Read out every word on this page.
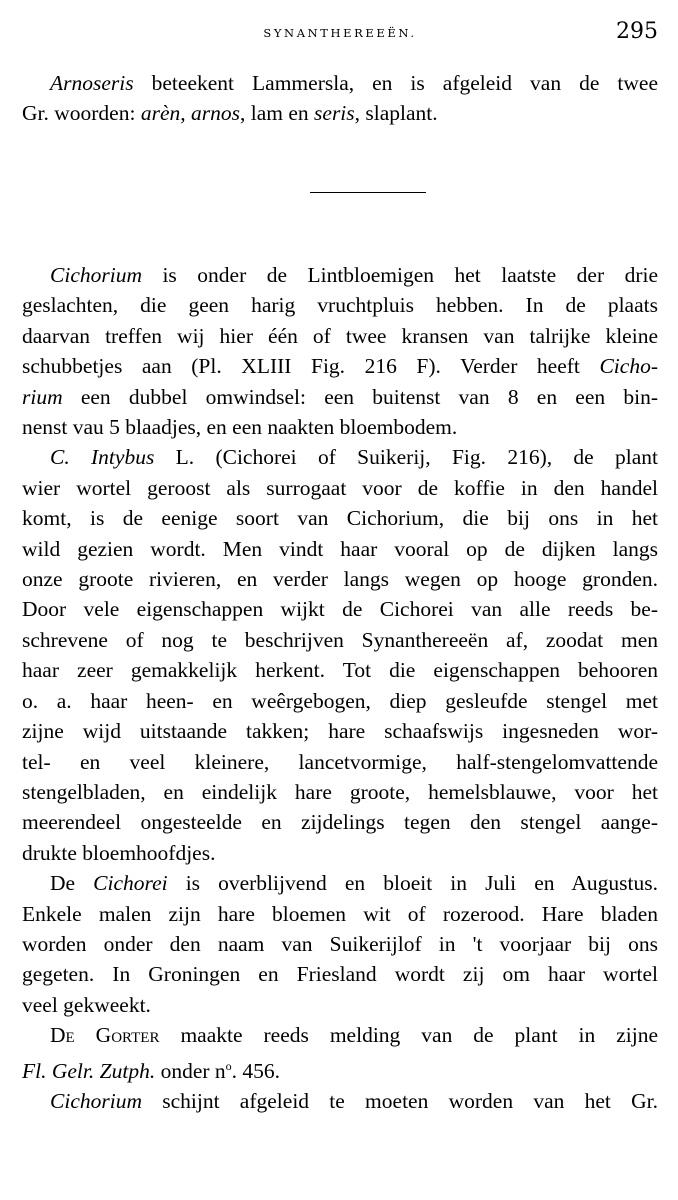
SYNANTHEREEËN.	295
Arnoseris beteekent Lammersla, en is afgeleid van de twee
Gr. woorden: arèn, arnos, lam en seris, slaplant.
Cichorium is onder de Lintbloemigen het laatste der drie
geslachten, die geen harig vruchtpluis hebben. In de plaats
daarvan treffen wij hier één of twee kransen van talrijke kleine
schubbetjes aan (Pl. XLIII Fig. 216 F). Verder heeft Cicho-
rium een dubbel omwindsel: een buitenst van 8 en een bin-
nenst vau 5 blaadjes, en een naakten bloembodem.
C. Intybus L. (Cichorei of Suikerij, Fig. 216), de plant
wier wortel geroost als surrogaat voor de koffie in den handel
komt, is de eenige soort van Cichorium, die bij ons in het
wild gezien wordt. Men vindt haar vooral op de dijken langs
onze groote rivieren, en verder langs wegen op hooge gronden.
Door vele eigenschappen wijkt de Cichorei van alle reeds be-
schrevene of nog te beschrijven Synanthereeën af, zoodat men
haar zeer gemakkelijk herkent. Tot die eigenschappen behooren
o. a. haar heen- en weêrgebogen, diep gesleufde stengel met
zijne wijd uitstaande takken; hare schaafswijs ingesneden wor-
tel- en veel kleinere, lancetvormige, half-stengelomvattende
stengelbladen, en eindelijk hare groote, hemelsblauwe, voor het
meerendeel ongesteelde en zijdelings tegen den stengel aange-
drukte bloemhoofdjes.
De Cichorei is overblijvend en bloeit in Juli en Augustus.
Enkele malen zijn hare bloemen wit of rozerood. Hare bladen
worden onder den naam van Suikerijlof in 't voorjaar bij ons
gegeten. In Groningen en Friesland wordt zij om haar wortel
veel gekweekt.
De Gorter maakte reeds melding van de plant in zijne
Fl. Gelr. Zutph. onder $n^o$. 456.
Cichorium schijnt afgeleid te moeten worden van het Gr.
